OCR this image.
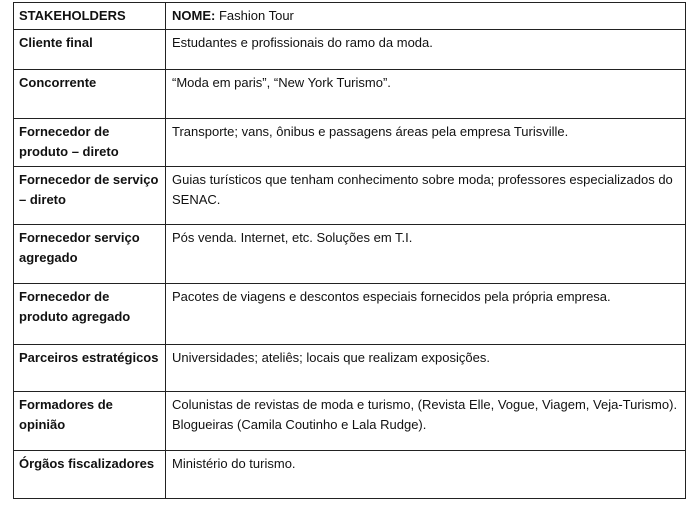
STAKEHOLDERS	NOME: Fashion Tour
Cliente final	Estudantes e profissionais do ramo da moda.
Concorrente	“Moda em paris”, “New York Turismo”.
Fornecedor de produto – direto	Transporte; vans, ônibus e passagens áreas pela empresa Turisville.
Fornecedor de serviço – direto	Guias turísticos que tenham conhecimento sobre moda; professores especializados do SENAC.
Fornecedor serviço agregado	Pós venda. Internet, etc. Soluções em T.I.
Fornecedor de produto agregado	Pacotes de viagens e descontos especiais fornecidos pela própria empresa.
Parceiros estratégicos	Universidades; ateliês; locais que realizam exposições.
Formadores de opinião	Colunistas de revistas de moda e turismo, (Revista Elle, Vogue, Viagem, Veja-Turismo). Blogueiras (Camila Coutinho e Lala Rudge).
Órgãos fiscalizadores	Ministério do turismo.
